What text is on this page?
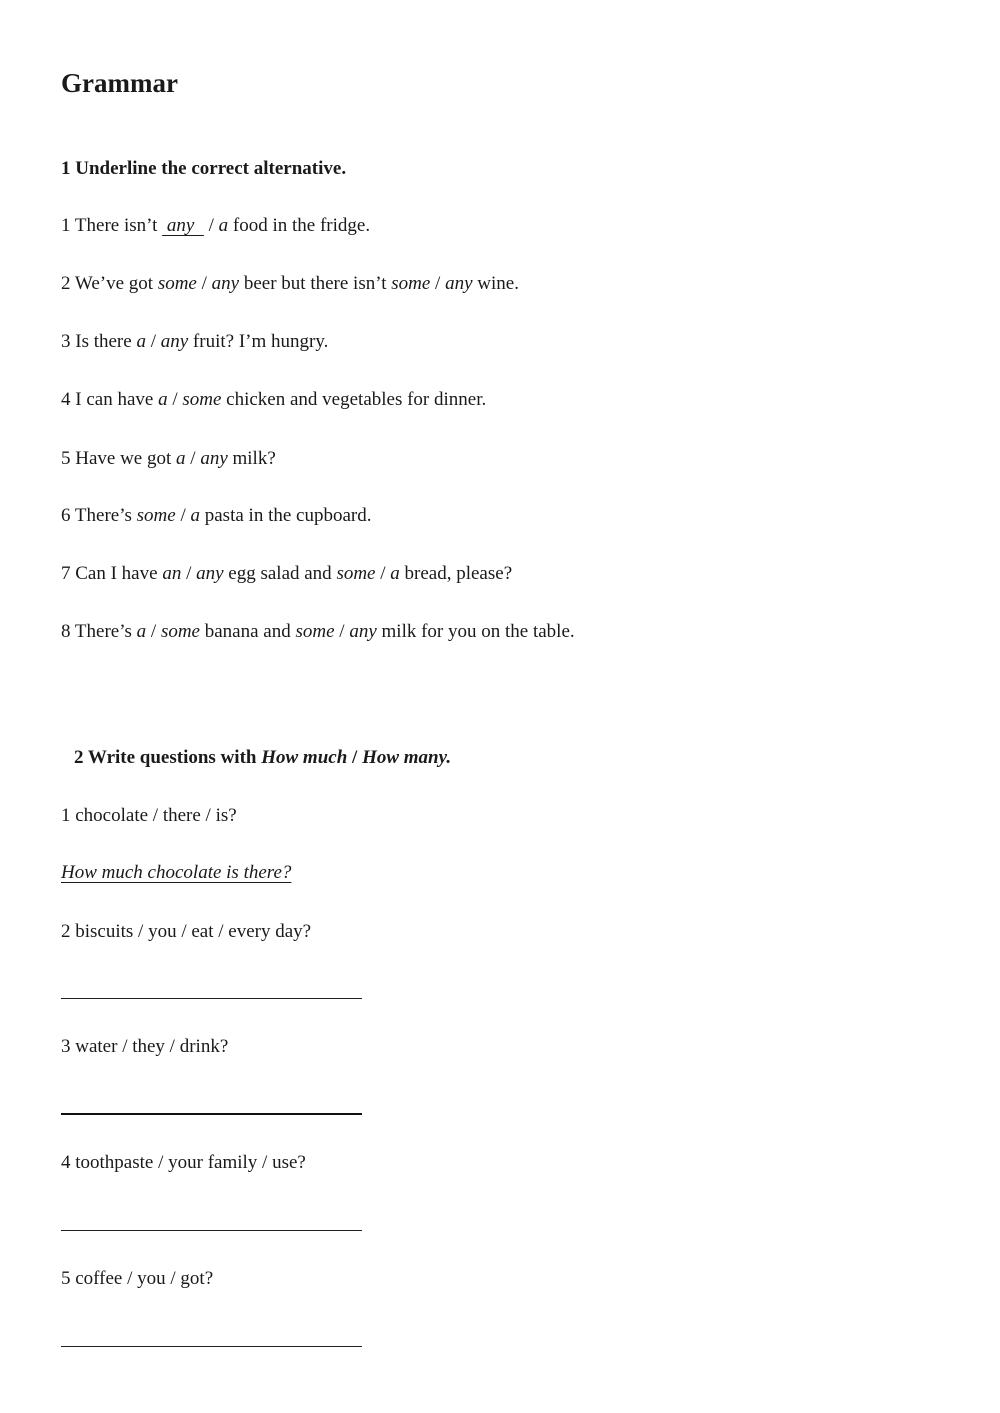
Grammar
1 Underline the correct alternative.
1 There isn’t  any   / a food in the fridge.
2 We’ve got some / any beer but there isn’t some / any wine.
3 Is there a / any fruit? I’m hungry.
4 I can have a / some chicken and vegetables for dinner.
5 Have we got a / any milk?
6 There’s some / a pasta in the cupboard.
7 Can I have an / any egg salad and some / a bread, please?
8 There’s a / some banana and some / any milk for you on the table.
2 Write questions with How much / How many.
1 chocolate / there / is?
How much chocolate is there?
2 biscuits / you / eat / every day?
3 water / they / drink?
4 toothpaste / your family / use?
5 coffee / you / got?
